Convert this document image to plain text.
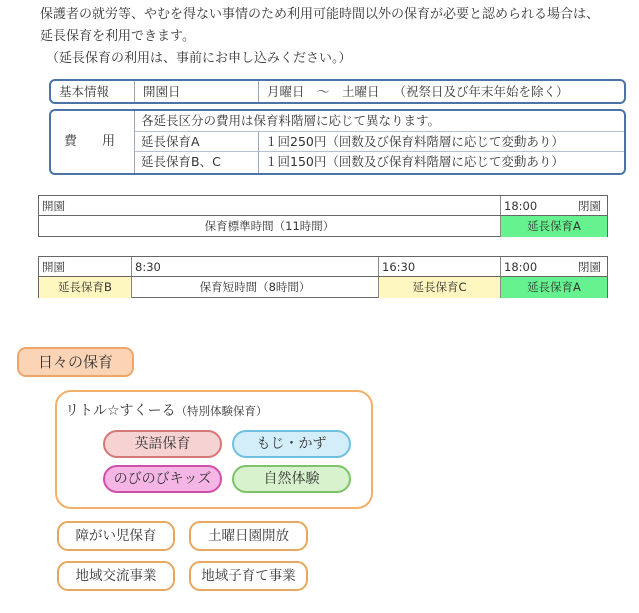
保護者の就労等、やむを得ない事情のため利用可能時間以外の保育が必要と認められる場合は、
延長保育を利用できます。
（延長保育の利用は、事前にお申し込みください。）
基本情報	開園日	月曜日　～　土曜日 （祝祭日及び年末年始を除く）
費　用
各延長区分の費用は保育料階層に応じて異なります。
延長保育A	１回250円（回数及び保育料階層に応じて変動あり）
延長保育B、C	１回150円（回数及び保育料階層に応じて変動あり）
開園	18:00	閉園
保育標準時間（11時間）	延長保育A
開園	8:30	16:30	18:00	閉園
延長保育B	保育短時間（8時間）	延長保育C	延長保育A
日々の保育
リトル☆すくーる（特別体験保育）
英語保育	もじ・かず
のびのびキッズ	自然体験
障がい児保育	土曜日園開放
地域交流事業	地域子育て事業
